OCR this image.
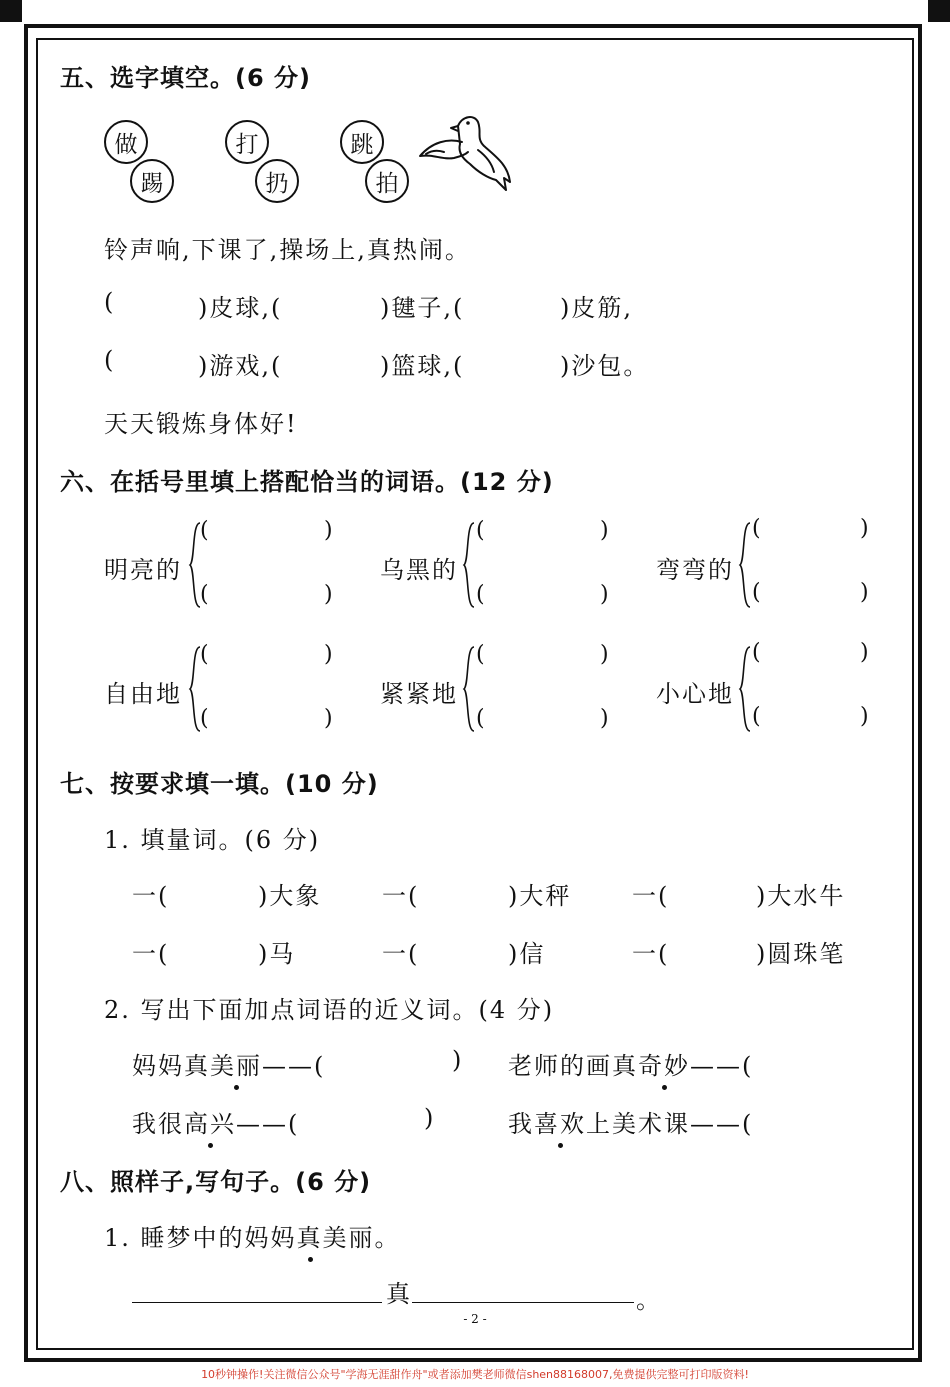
五、选字填空。(6 分)
做
踢
打
扔
跳
拍
铃声响,下课了,操场上,真热闹。
(	)皮球,(	)毽子,(	)皮筋,
(	)游戏,(	)篮球,(	)沙包。
天天锻炼身体好!
六、在括号里填上搭配恰当的词语。(12 分)
明亮的
(	)
(	)
乌黑的
(	)
(	)
弯弯的
(	)
(	)
自由地
(	)
(	)
紧紧地
(	)
(	)
小心地
(	)
(	)
七、按要求填一填。(10 分)
1. 填量词。(6 分)
一(	)大象	一(	)大秤	一(	)大水牛
一(	)马	一(	)信	一(	)圆珠笔
2. 写出下面加点词语的近义词。(4 分)
妈妈真美丽——(	) 老师的画真奇妙——(
我很高兴——(	)	我喜欢上美术课——(
八、照样子,写句子。(6 分)
1. 睡梦中的妈妈真美丽。
真	。
- 2 -
10秒钟操作!关注微信公众号"学海无涯甜作舟"或者添加樊老师微信shen88168007,免费提供完整可打印版资料!
